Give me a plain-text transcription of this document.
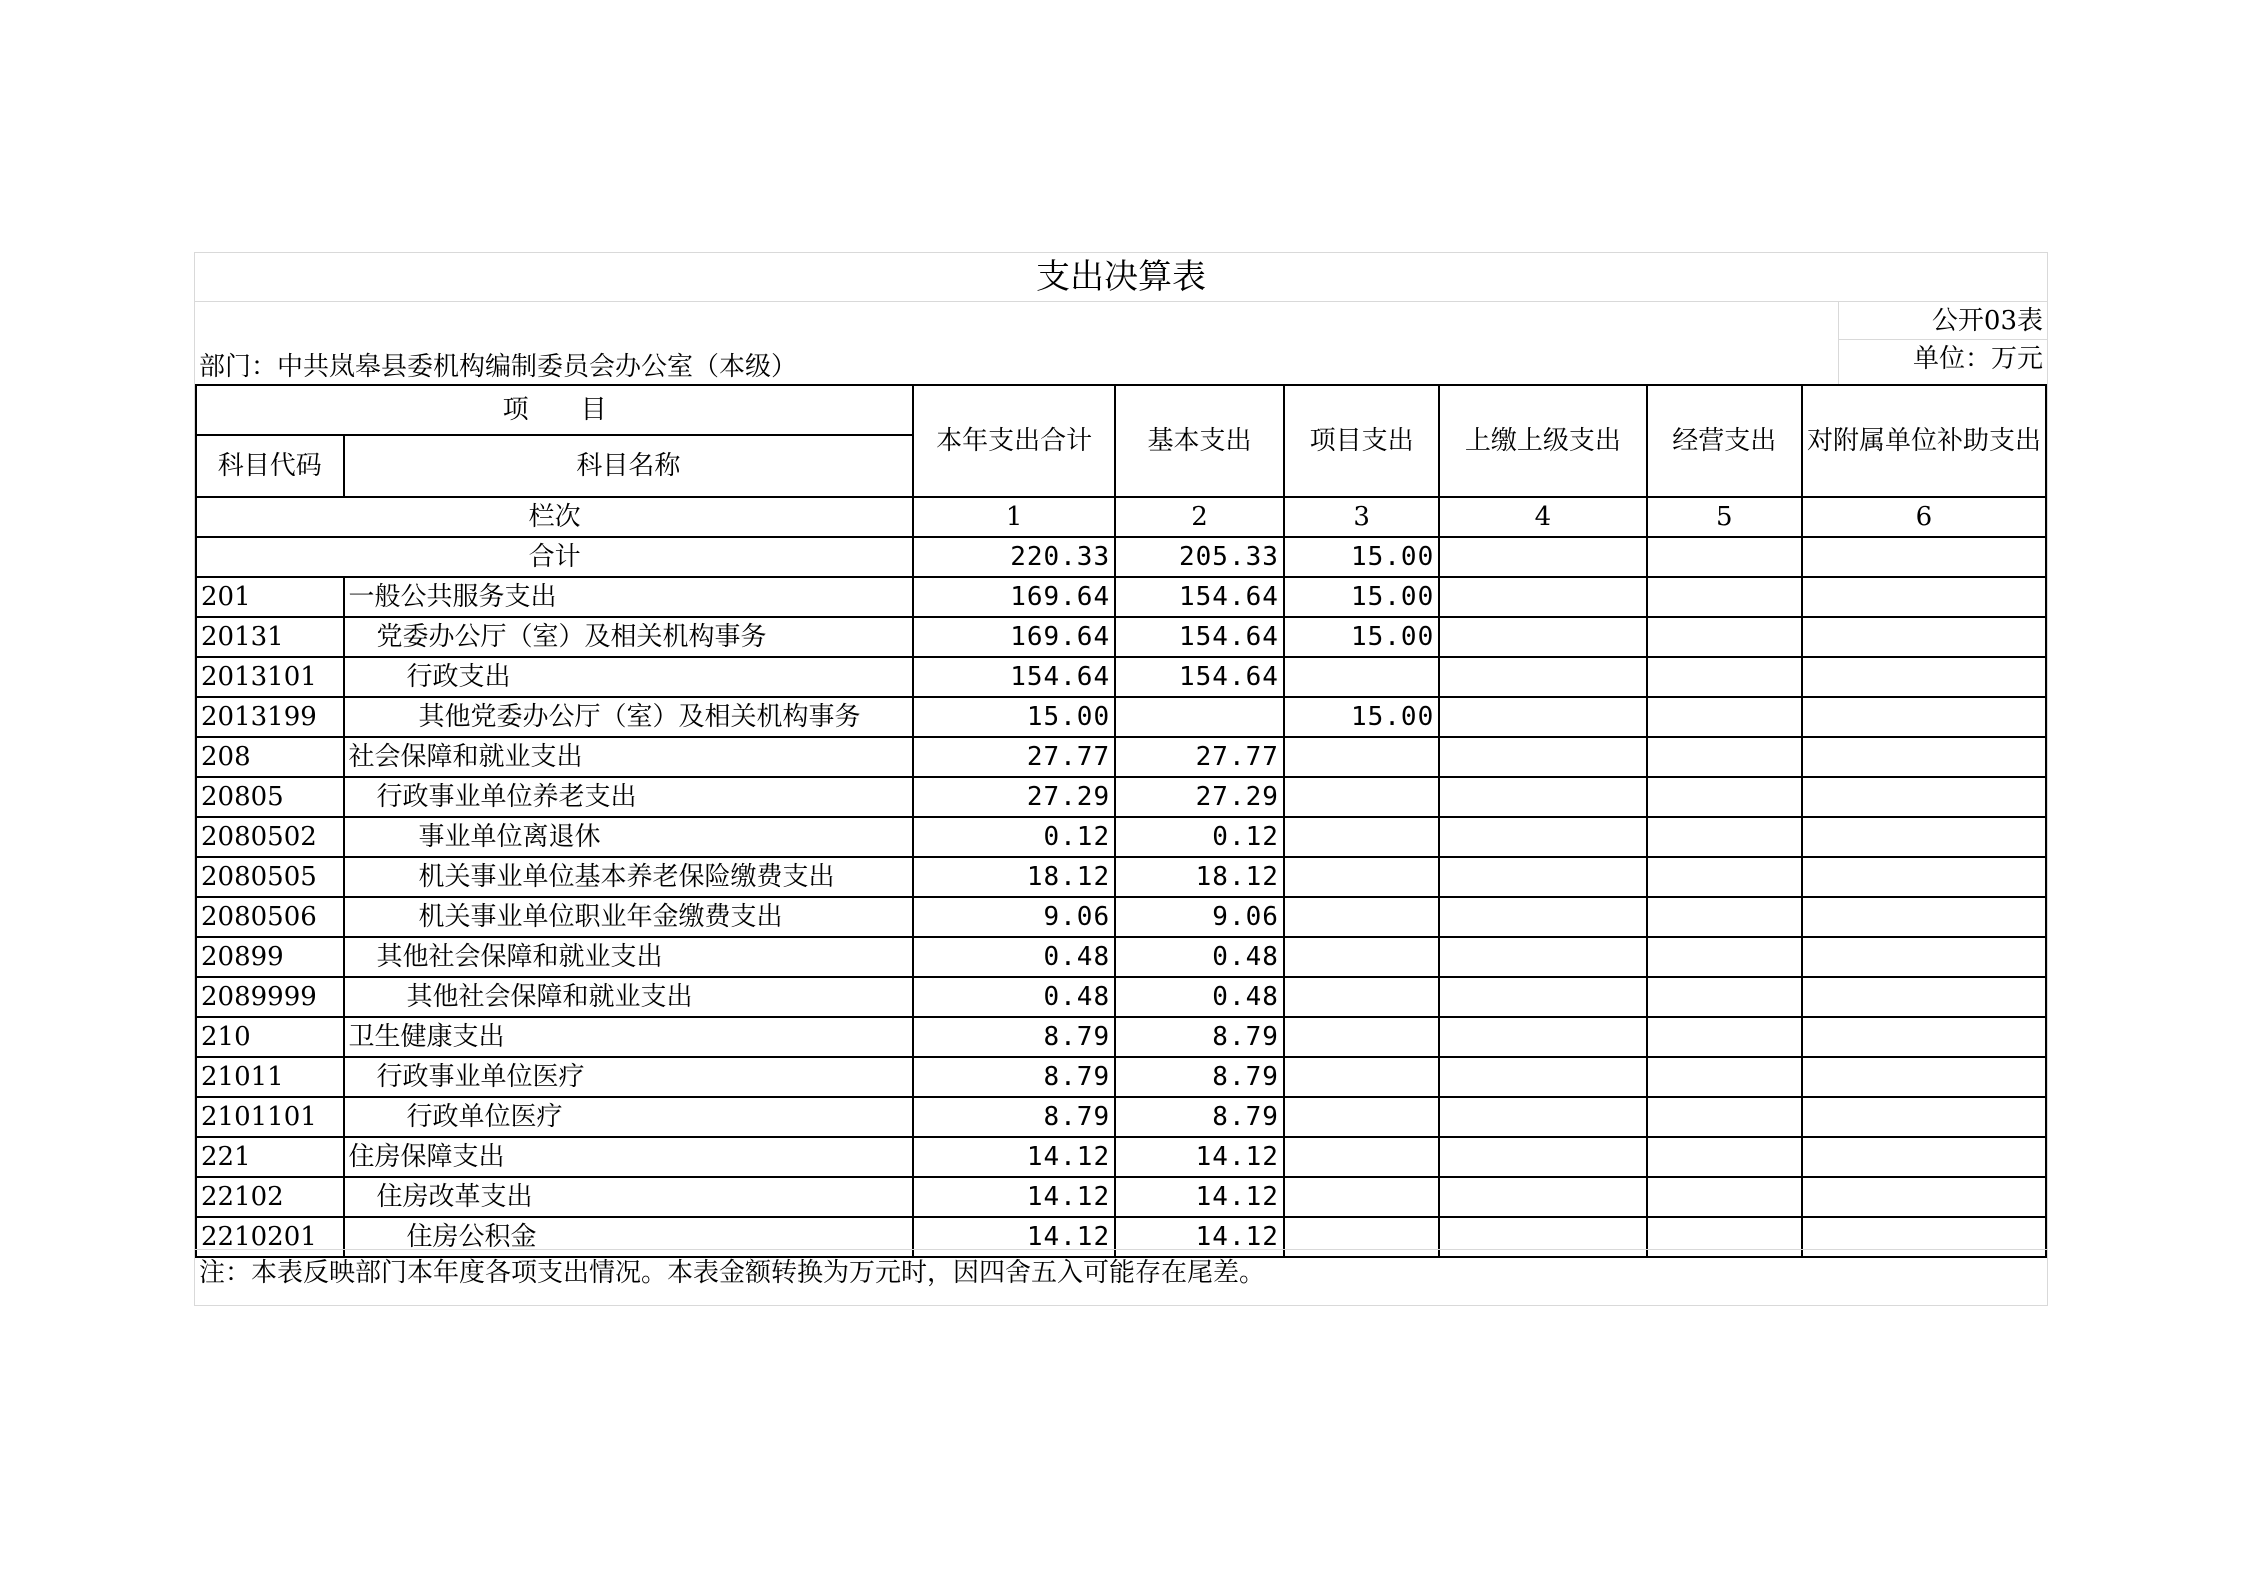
支出决算表
公开03表
单位：万元
部门：中共岚皋县委机构编制委员会办公室（本级）
项　　目		本年支出合计	基本支出	项目支出	上缴上级支出	经营支出	对附属单位补助支出
科目代码	科目名称						
栏次		1	2	3	4	5	6
合计		220.33	205.33	15.00			
201	一般公共服务支出	169.64	154.64	15.00			
20131	党委办公厅（室）及相关机构事务	169.64	154.64	15.00			
2013101	行政支出	154.64	154.64				
2013199	其他党委办公厅（室）及相关机构事务	15.00		15.00			
208	社会保障和就业支出	27.77	27.77				
20805	行政事业单位养老支出	27.29	27.29				
2080502	事业单位离退休	0.12	0.12				
2080505	机关事业单位基本养老保险缴费支出	18.12	18.12				
2080506	机关事业单位职业年金缴费支出	9.06	9.06				
20899	其他社会保障和就业支出	0.48	0.48				
2089999	其他社会保障和就业支出	0.48	0.48				
210	卫生健康支出	8.79	8.79				
21011	行政事业单位医疗	8.79	8.79				
2101101	行政单位医疗	8.79	8.79				
221	住房保障支出	14.12	14.12				
22102	住房改革支出	14.12	14.12				
2210201	住房公积金	14.12	14.12				
注：本表反映部门本年度各项支出情况。本表金额转换为万元时，因四舍五入可能存在尾差。
